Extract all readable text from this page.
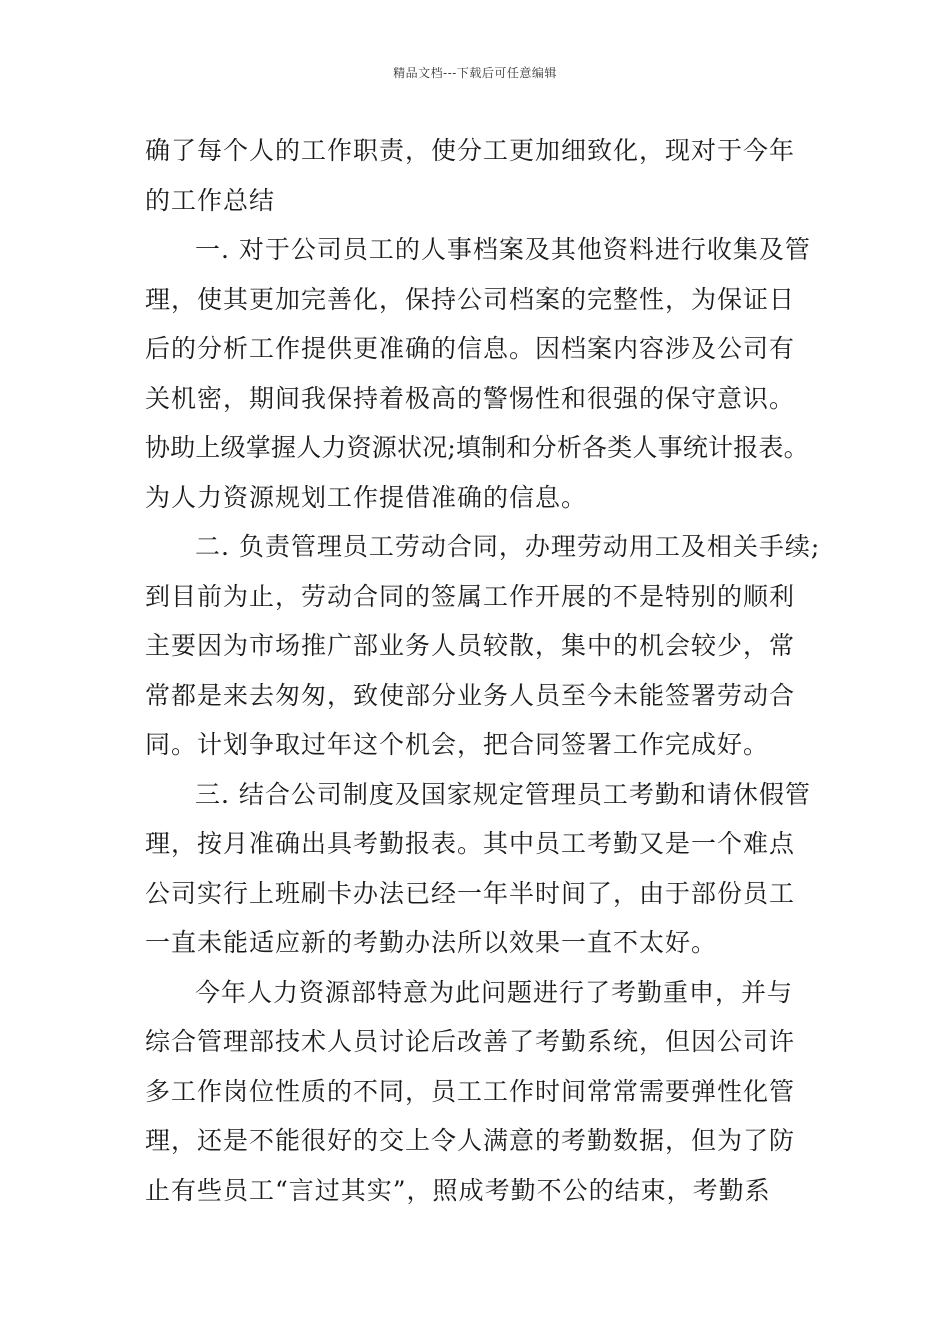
精品文档---下载后可任意编辑
确了每个人的工作职责，使分工更加细致化，现对于今年
的工作总结
一. 对于公司员工的人事档案及其他资料进行收集及管
理，使其更加完善化，保持公司档案的完整性，为保证日
后的分析工作提供更准确的信息。因档案内容涉及公司有
关机密，期间我保持着极高的警惕性和很强的保守意识。
协助上级掌握人力资源状况;填制和分析各类人事统计报表。
为人力资源规划工作提借准确的信息。
二. 负责管理员工劳动合同，办理劳动用工及相关手续;
到目前为止，劳动合同的签属工作开展的不是特别的顺利
主要因为市场推广部业务人员较散，集中的机会较少，常
常都是来去匆匆，致使部分业务人员至今未能签署劳动合
同。计划争取过年这个机会，把合同签署工作完成好。
三. 结合公司制度及国家规定管理员工考勤和请休假管
理，按月准确出具考勤报表。其中员工考勤又是一个难点
公司实行上班刷卡办法已经一年半时间了，由于部份员工
一直未能适应新的考勤办法所以效果一直不太好。
今年人力资源部特意为此问题进行了考勤重申，并与
综合管理部技术人员讨论后改善了考勤系统，但因公司许
多工作岗位性质的不同，员工工作时间常常需要弹性化管
理，还是不能很好的交上令人满意的考勤数据，但为了防
止有些员工“言过其实”，照成考勤不公的结束，考勤系
